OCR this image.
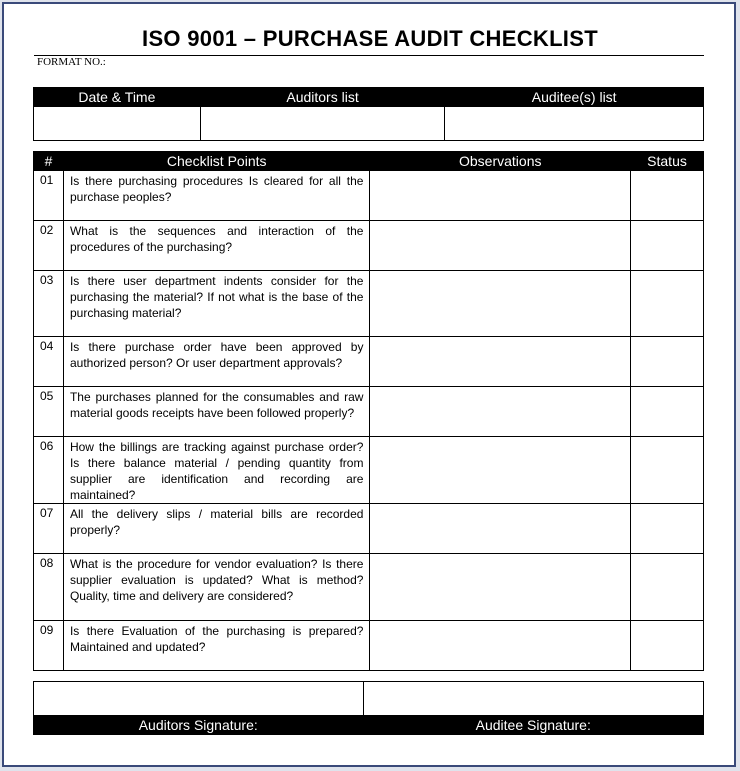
ISO 9001 – PURCHASE AUDIT CHECKLIST
FORMAT NO.:
Date & Time	Auditors list	Auditee(s) list

#	Checklist Points	Observations	Status
01	Is there purchasing procedures Is cleared for all the purchase peoples?		
02	What is the sequences and interaction of the procedures of the purchasing?		
03	Is there user department indents consider for the purchasing the material? If not what is the base of the purchasing material?		
04	Is there purchase order have been approved by authorized person? Or user department approvals?		
05	The purchases planned for the consumables and raw material goods receipts have been followed properly?		
06	How the billings are tracking against purchase order? Is there balance material / pending quantity from supplier are identification and recording are maintained?		
07	All the delivery slips / material bills are recorded properly?		
08	What is the procedure for vendor evaluation? Is there supplier evaluation is updated? What is method? Quality, time and delivery are considered?		
09	Is there Evaluation of the purchasing is prepared? Maintained and updated?		

Auditors Signature:	Auditee Signature:
